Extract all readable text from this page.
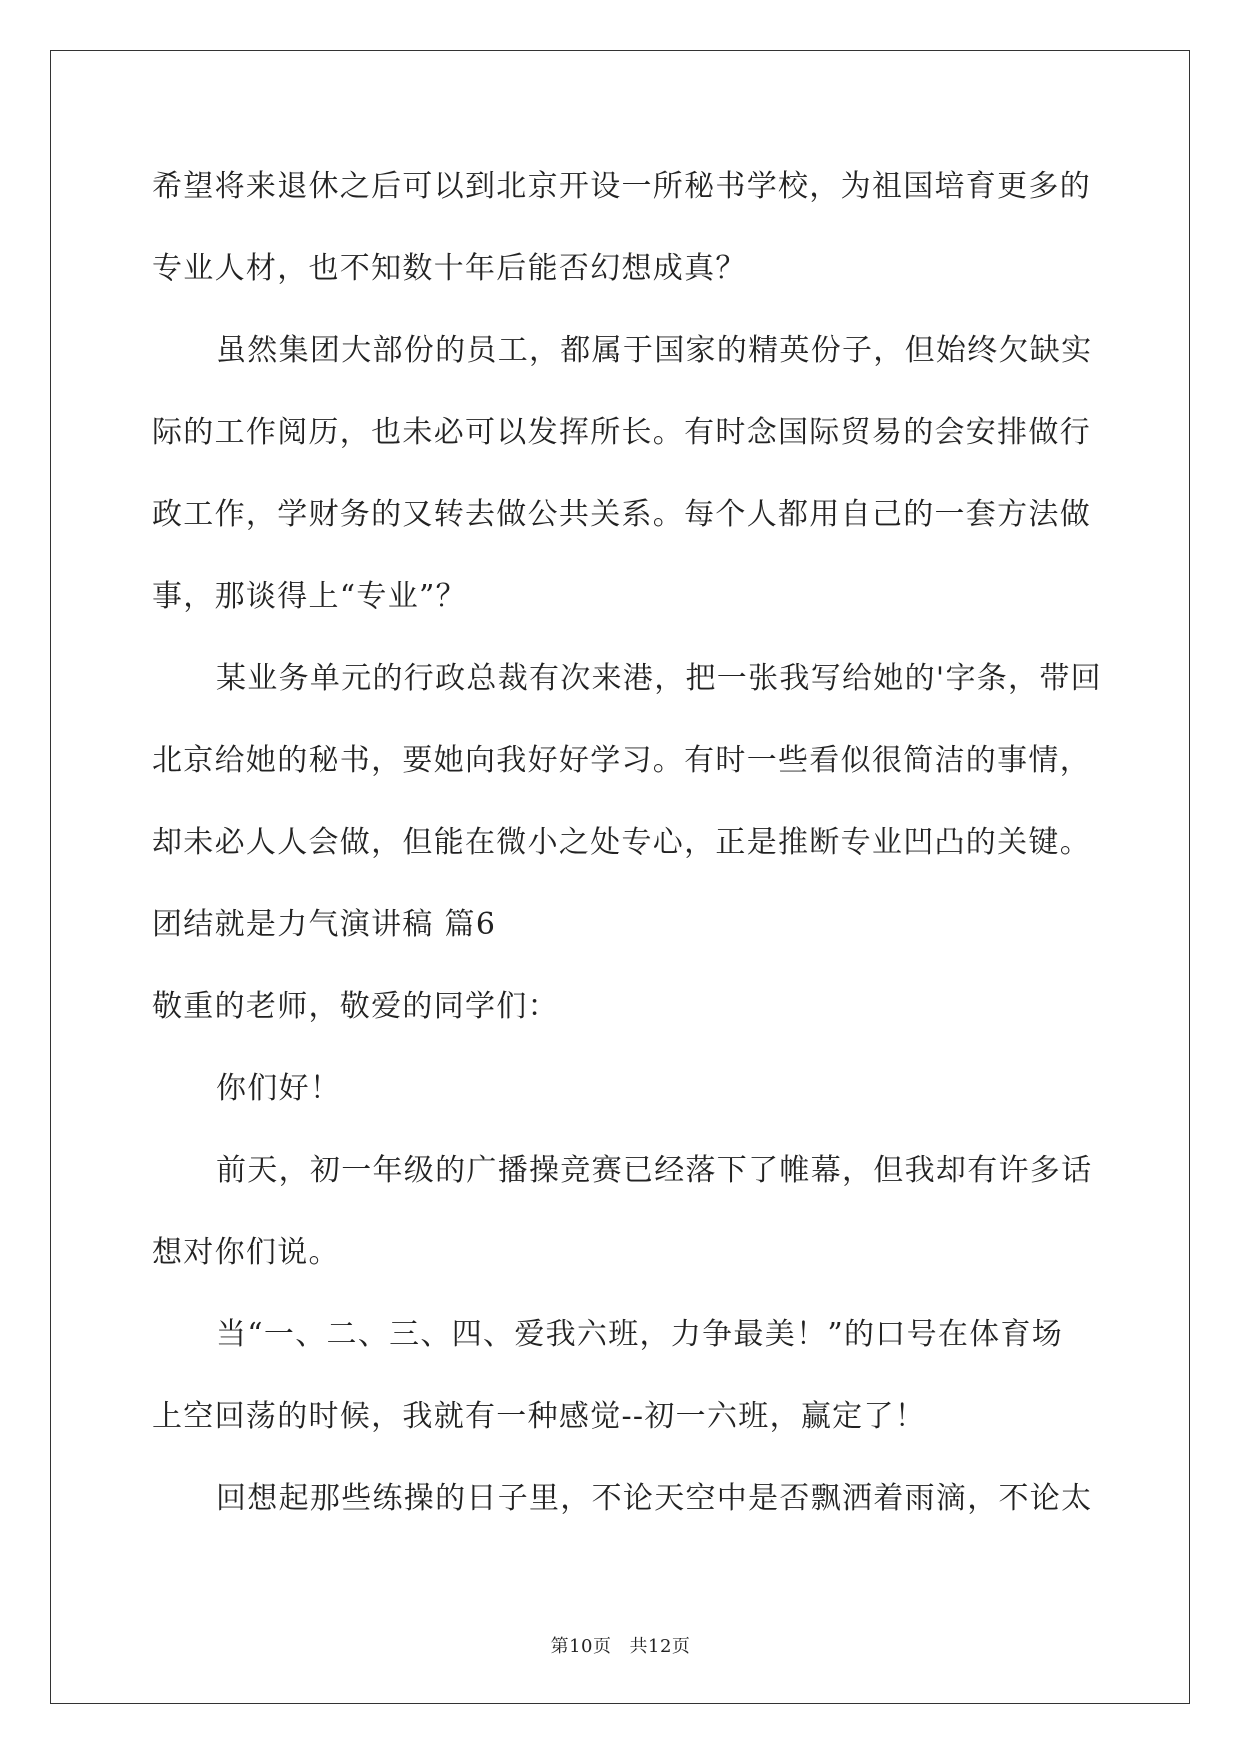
希望将来退休之后可以到北京开设一所秘书学校，为祖国培育更多的
专业人材，也不知数十年后能否幻想成真？
虽然集团大部份的员工，都属于国家的精英份子，但始终欠缺实
际的工作阅历，也未必可以发挥所长。有时念国际贸易的会安排做行
政工作，学财务的又转去做公共关系。每个人都用自己的一套方法做
事，那谈得上“专业”？
某业务单元的行政总裁有次来港，把一张我写给她的'字条，带回
北京给她的秘书，要她向我好好学习。有时一些看似很简洁的事情，
却未必人人会做，但能在微小之处专心，正是推断专业凹凸的关键。
团结就是力气演讲稿 篇6
敬重的老师，敬爱的同学们：
你们好！
前天，初一年级的广播操竞赛已经落下了帷幕，但我却有许多话
想对你们说。
当“一、二、三、四、爱我六班，力争最美！”的口号在体育场
上空回荡的时候，我就有一种感觉--初一六班，赢定了！
回想起那些练操的日子里，不论天空中是否飘洒着雨滴，不论太
第10页 共12页
